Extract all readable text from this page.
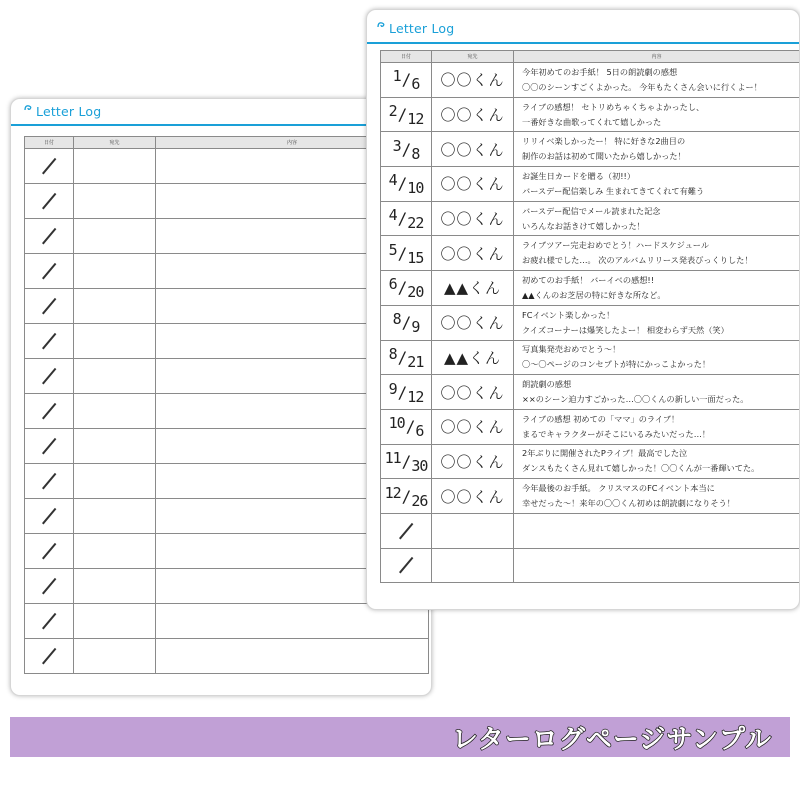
Letter Log
日付	宛先	内容

Letter Log
日付	宛先	内容

1/6	〇〇くん	今年初めてのお手紙！ 5日の朗読劇の感想
〇〇のシーンすごくよかった。 今年もたくさん会いに行くよー！

2/12	〇〇くん	ライブの感想！ セトリめちゃくちゃよかったし、
一番好きな曲歌ってくれて嬉しかった

3/8	〇〇くん	リリイベ楽しかったー！ 特に好きな2曲目の
制作のお話は初めて聞いたから嬉しかった！

4/10	〇〇くん	お誕生日カードを贈る（初!!）
バースデー配信楽しみ 生まれてきてくれて有難う

4/22	〇〇くん	バースデー配信でメール読まれた記念
いろんなお話きけて嬉しかった！

5/15	〇〇くん	ライブツアー完走おめでとう！ハードスケジュール
お疲れ様でした…。 次のアルバムリリース発表びっくりした！

6/20	▲▲くん	初めてのお手紙！ バーイベの感想!!
▲▲くんのお芝居の特に好きな所など。

8/9	〇〇くん	FCイベント楽しかった！
クイズコーナーは爆笑したよー！ 相変わらず天然（笑）

8/21	▲▲くん	写真集発売おめでとう～！
〇～〇ページのコンセプトが特にかっこよかった！

9/12	〇〇くん	朗読劇の感想
××のシーン迫力すごかった…〇〇くんの新しい一面だった。

10/6	〇〇くん	ライブの感想 初めての「ママ」のライブ！
まるでキャラクターがそこにいるみたいだった…！

11/30	〇〇くん	2年ぶりに開催されたPライブ！最高でした泣
ダンスもたくさん見れて嬉しかった！〇〇くんが一番輝いてた。

12/26	〇〇くん	今年最後のお手紙。 クリスマスのFCイベント本当に
幸せだった～！来年の〇〇くん初めは朗読劇になりそう！

レターログページサンプル
